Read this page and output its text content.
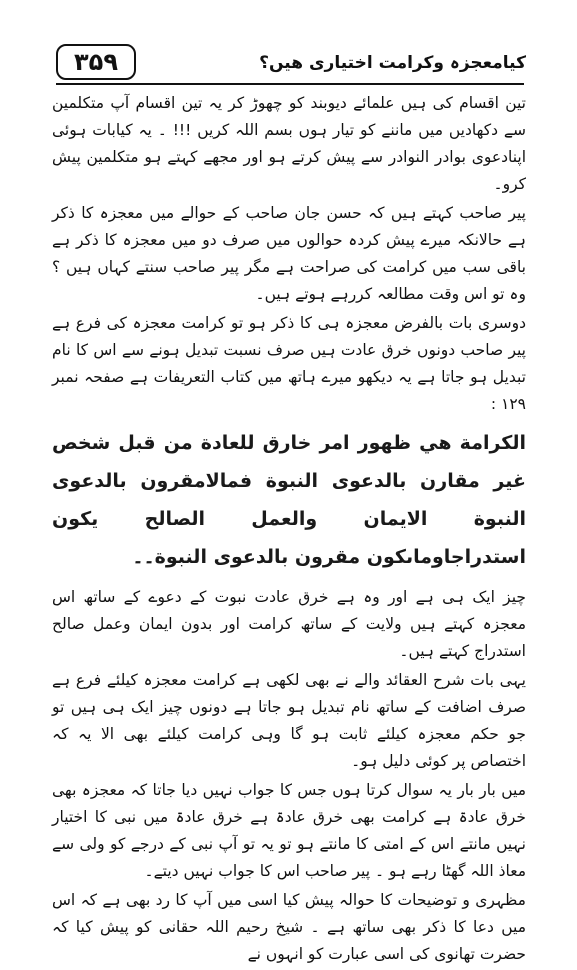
۳۵۹	کیامعجزہ وکرامت اختیاری ھیں؟

تین اقسام کی ہیں علمائے دیوبند کو چھوڑ کر یہ تین اقسام آپ متکلمین سے دکھادیں میں ماننے کو تیار ہوں بسم اللہ کریں !!! ۔ یہ کیابات ہوئی اپنادعوی بوادر النوادر سے پیش کرتے ہو اور مجھے کہتے ہو متکلمین پیش کرو۔

پیر صاحب کہتے ہیں کہ حسن جان صاحب کے حوالے میں معجزہ کا ذکر ہے حالانکہ میرے پیش کردہ حوالوں میں صرف دو میں معجزہ کا ذکر ہے باقی سب میں کرامت کی صراحت ہے مگر پیر صاحب سنتے کہاں ہیں ؟ وہ تو اس وقت مطالعہ کررہے ہوتے ہیں۔

دوسری بات بالفرض معجزہ ہی کا ذکر ہو تو کرامت معجزہ کی فرع ہے پیر صاحب دونوں خرق عادت ہیں صرف نسبت تبدیل ہونے سے اس کا نام تبدیل ہو جاتا ہے یہ دیکھو میرے ہاتھ میں کتاب التعریفات ہے صفحہ نمبر ۱۲۹ :

الكرامة هي ظهور امر خارق للعادة من قبل شخص غير مقارن بالدعوى النبوة فمالامقرون بالدعوى النبوة الايمان والعمل الصالح يكون استدراجاوماىكون مقرون بالدعوى النبوة۔۔

چیز ایک ہی ہے اور وہ ہے خرق عادت نبوت کے دعوے کے ساتھ اس معجزہ کہتے ہیں ولایت کے ساتھ کرامت اور بدون ایمان وعمل صالح استدراج کہتے ہیں۔

یہی بات شرح العقائد والے نے بھی لکھی ہے کرامت معجزہ کیلئے فرع ہے صرف اضافت کے ساتھ نام تبدیل ہو جاتا ہے دونوں چیز ایک ہی ہیں تو جو حکم معجزہ کیلئے ثابت ہو گا وہی کرامت کیلئے بھی الا یہ کہ اختصاص پر کوئی دلیل ہو۔

میں بار بار یہ سوال کرتا ہوں جس کا جواب نہیں دیا جاتا کہ معجزہ بھی خرق عادۃ ہے کرامت بھی خرق عادۃ ہے خرق عادۃ میں نبی کا اختیار نہیں مانتے اس کے امتی کا مانتے ہو تو یہ تو آپ نبی کے درجے کو ولی سے معاذ اللہ گھٹا رہے ہو ۔ پیر صاحب اس کا جواب نہیں دیتے۔

مظہری و توضیحات کا حوالہ پیش کیا اسی میں آپ کا رد بھی ہے کہ اس میں دعا کا ذکر بھی ساتھ ہے ۔ شیخ رحیم اللہ حقانی کو پیش کیا کہ حضرت تھانوی کی اسی عبارت کو انہوں نے
